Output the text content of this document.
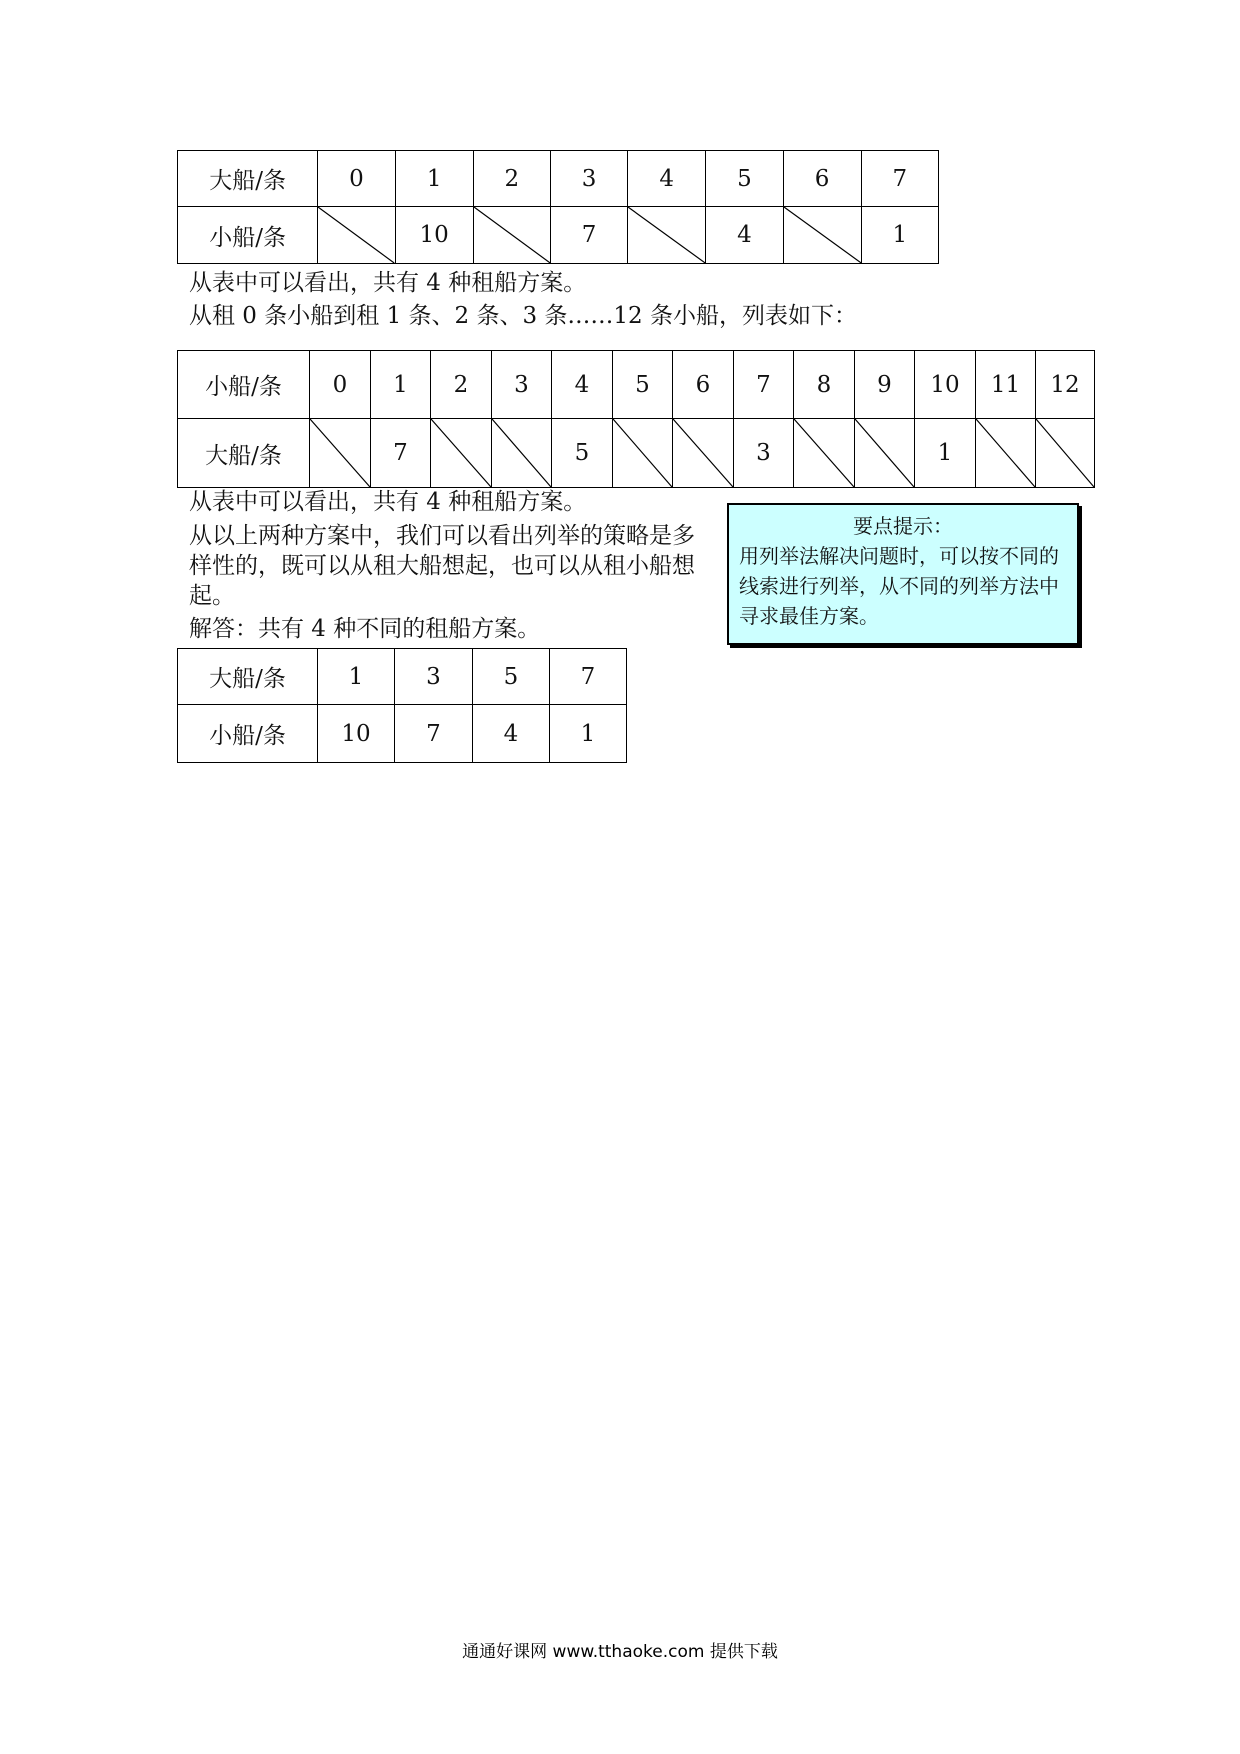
大船/条	0	1	2	3	4	5	6	7
小船/条		10		7		4		1
从表中可以看出，共有 4 种租船方案。
从租 0 条小船到租 1 条、2 条、3 条……12 条小船，列表如下：
小船/条	0	1	2	3	4	5	6	7	8	9	10	11	12
大船/条		7			5			3			1	

从表中可以看出，共有 4 种租船方案。
从以上两种方案中，我们可以看出列举的策略是多样性的，既可以从租大船想起，也可以从租小船想起。
解答：共有 4 种不同的租船方案。
要点提示：
用列举法解决问题时，可以按不同的线索进行列举，从不同的列举方法中寻求最佳方案。
大船/条	1	3	5	7
小船/条	10	7	4	1
通通好课网 www.tthaoke.com 提供下载
